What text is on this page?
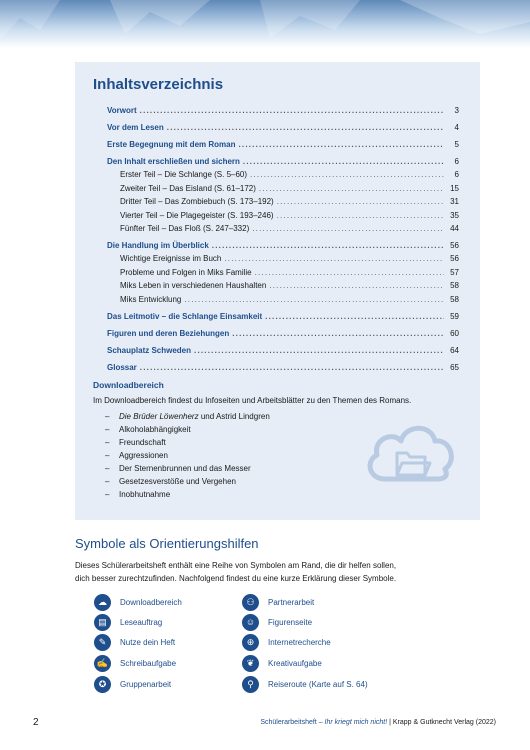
Inhaltsverzeichnis
Vorwort .....	3
Vor dem Lesen .....	4
Erste Begegnung mit dem Roman .....	5
Den Inhalt erschließen und sichern .....	6
Erster Teil – Die Schlange (S. 5–60) .....	6
Zweiter Teil – Das Eisland (S. 61–172) .....	15
Dritter Teil – Das Zombiebuch (S. 173–192) .....	31
Vierter Teil – Die Plagegeister (S. 193–246) .....	35
Fünfter Teil – Das Floß (S. 247–332) .....	44
Die Handlung im Überblick .....	56
Wichtige Ereignisse im Buch .....	56
Probleme und Folgen in Miks Familie .....	57
Miks Leben in verschiedenen Haushalten .....	58
Miks Entwicklung .....	58
Das Leitmotiv – die Schlange Einsamkeit .....	59
Figuren und deren Beziehungen .....	60
Schauplatz Schweden .....	64
Glossar .....	65
Downloadbereich
Im Downloadbereich findest du Infoseiten und Arbeitsblätter zu den Themen des Romans.
–	Die Brüder Löwenherz und Astrid Lindgren
–	Alkoholabhängigkeit
–	Freundschaft
–	Aggressionen
–	Der Sternenbrunnen und das Messer
–	Gesetzesverstöße und Vergehen
–	Inobhutnahme
Symbole als Orientierungshilfen
Dieses Schülerarbeitsheft enthält eine Reihe von Symbolen am Rand, die dir helfen sollen,
dich besser zurechtzufinden. Nachfolgend findest du eine kurze Erklärung dieser Symbole.
☁	Downloadbereich
▤	Leseauftrag
✎	Nutze dein Heft
✍	Schreibaufgabe
✪	Gruppenarbeit
⚇	Partnerarbeit
☺	Figurenseite
⊕	Internetrecherche
❦	Kreativaufgabe
⚲	Reiseroute (Karte auf S. 64)
2	Schülerarbeitsheft – Ihr kriegt mich nicht! | Krapp & Gutknecht Verlag (2022)
